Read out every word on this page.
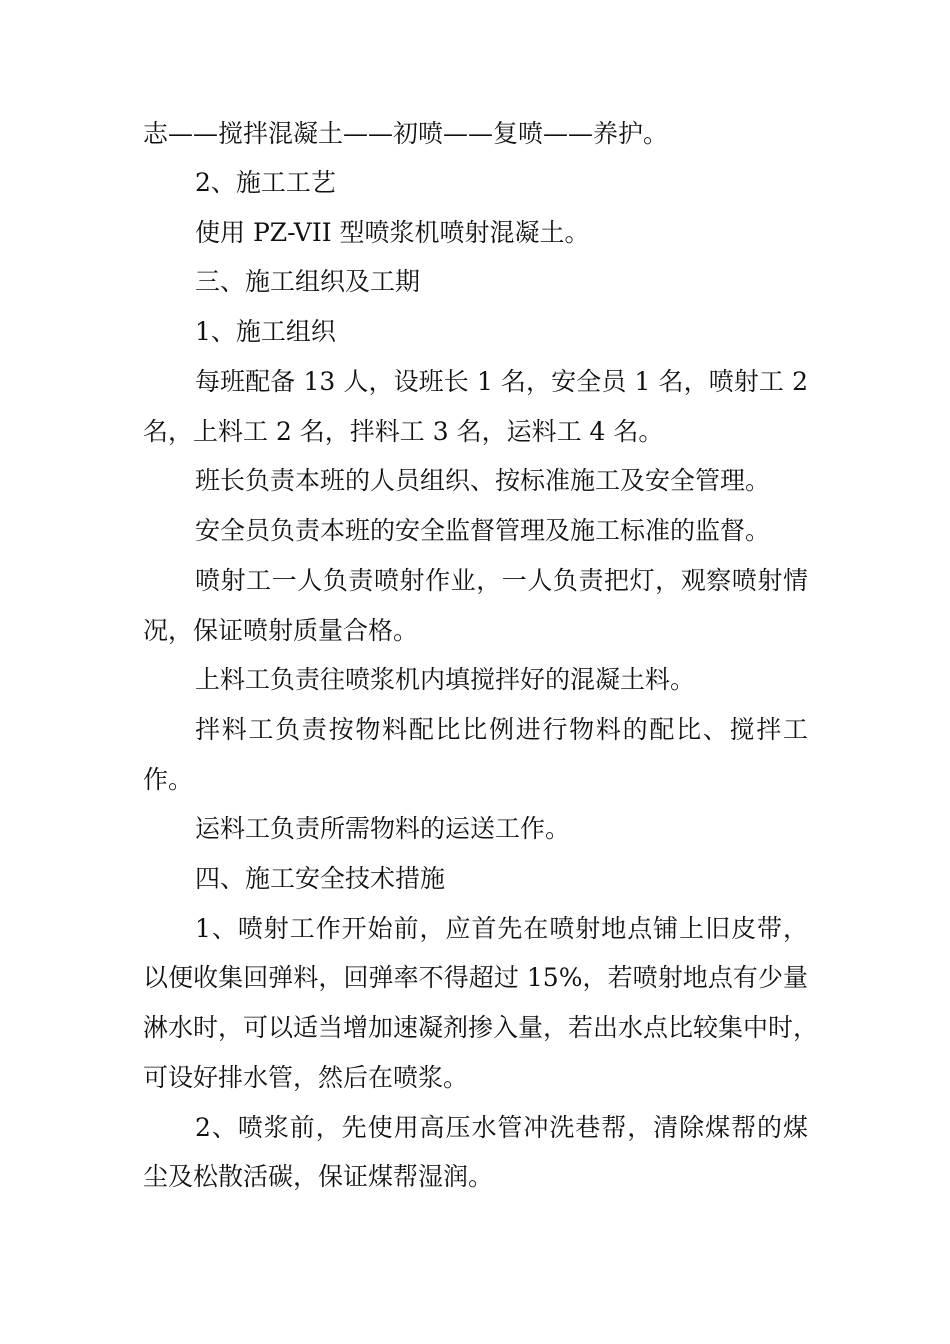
志——搅拌混凝土——初喷——复喷——养护。

2、施工工艺

使用 PZ-VII 型喷浆机喷射混凝土。

三、施工组织及工期

1、施工组织

每班配备 13 人，设班长 1 名，安全员 1 名，喷射工 2

名，上料工 2 名，拌料工 3 名，运料工 4 名。

班长负责本班的人员组织、按标准施工及安全管理。

安全员负责本班的安全监督管理及施工标准的监督。

喷射工一人负责喷射作业，一人负责把灯，观察喷射情

况，保证喷射质量合格。

上料工负责往喷浆机内填搅拌好的混凝土料。

拌料工负责按物料配比比例进行物料的配比、搅拌工

作。

运料工负责所需物料的运送工作。

四、施工安全技术措施

1、喷射工作开始前，应首先在喷射地点铺上旧皮带，

以便收集回弹料，回弹率不得超过 15%，若喷射地点有少量

淋水时，可以适当增加速凝剂掺入量，若出水点比较集中时，

可设好排水管，然后在喷浆。

2、喷浆前，先使用高压水管冲洗巷帮，清除煤帮的煤

尘及松散活碳，保证煤帮湿润。
